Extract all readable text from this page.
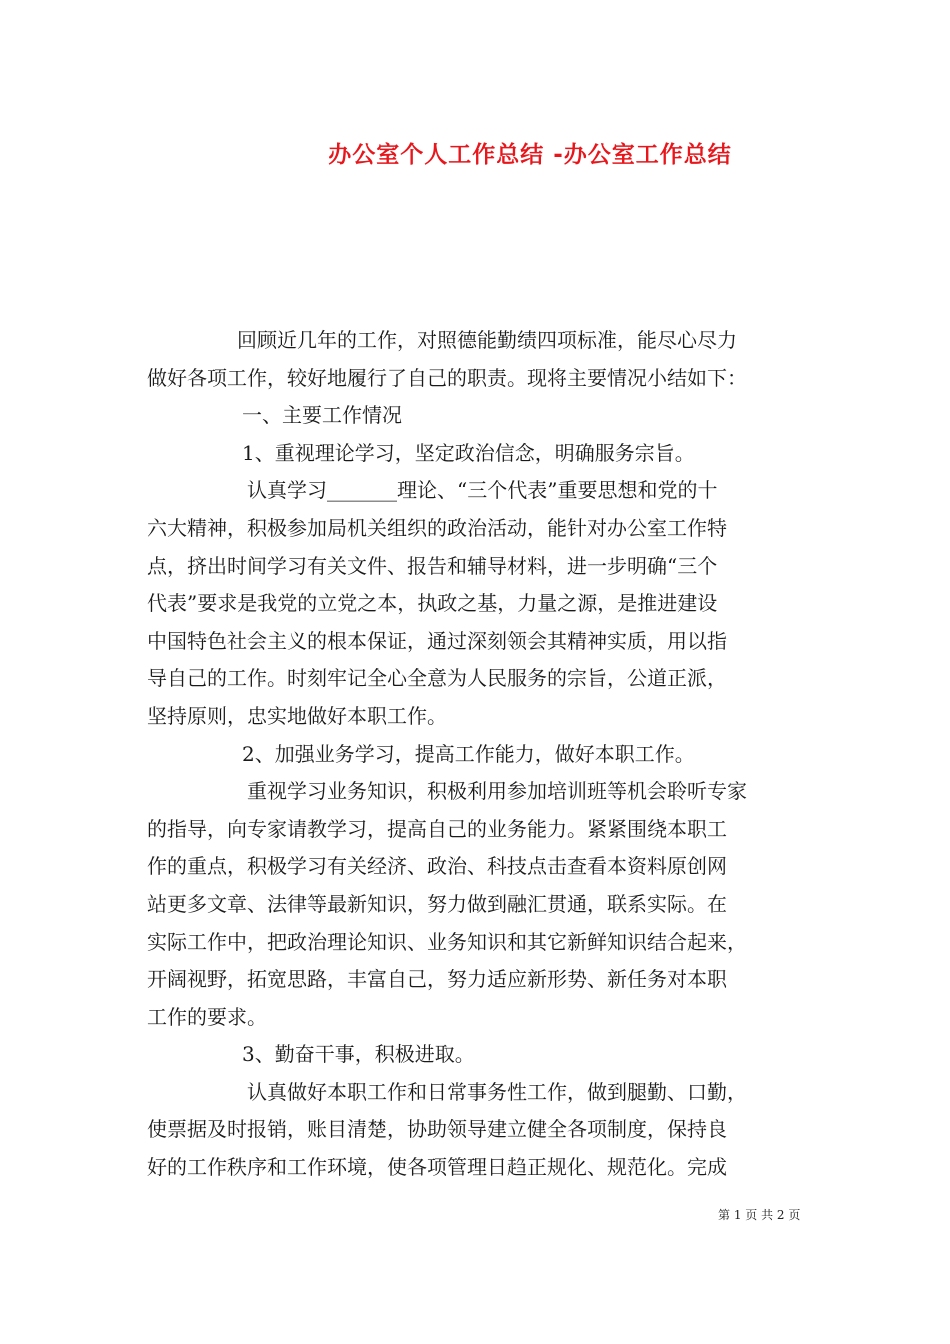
办公室个人工作总结 -办公室工作总结
回顾近几年的工作，对照德能勤绩四项标准，能尽心尽力
做好各项工作，较好地履行了自己的职责。现将主要情况小结如下：
一、主要工作情况
1、重视理论学习，坚定政治信念，明确服务宗旨。
认真学习_______理论、“三个代表”重要思想和党的十
六大精神，积极参加局机关组织的政治活动，能针对办公室工作特
点，挤出时间学习有关文件、报告和辅导材料，进一步明确“三个
代表”要求是我党的立党之本，执政之基，力量之源，是推进建设
中国特色社会主义的根本保证，通过深刻领会其精神实质，用以指
导自己的工作。时刻牢记全心全意为人民服务的宗旨，公道正派，
坚持原则，忠实地做好本职工作。
2、加强业务学习，提高工作能力，做好本职工作。
重视学习业务知识，积极利用参加培训班等机会聆听专家
的指导，向专家请教学习，提高自己的业务能力。紧紧围绕本职工
作的重点，积极学习有关经济、政治、科技点击查看本资料原创网
站更多文章、法律等最新知识，努力做到融汇贯通，联系实际。在
实际工作中，把政治理论知识、业务知识和其它新鲜知识结合起来，
开阔视野，拓宽思路，丰富自己，努力适应新形势、新任务对本职
工作的要求。
3、勤奋干事，积极进取。
认真做好本职工作和日常事务性工作，做到腿勤、口勤，
使票据及时报销，账目清楚，协助领导建立健全各项制度，保持良
好的工作秩序和工作环境，使各项管理日趋正规化、规范化。完成
第 1 页 共 2 页
